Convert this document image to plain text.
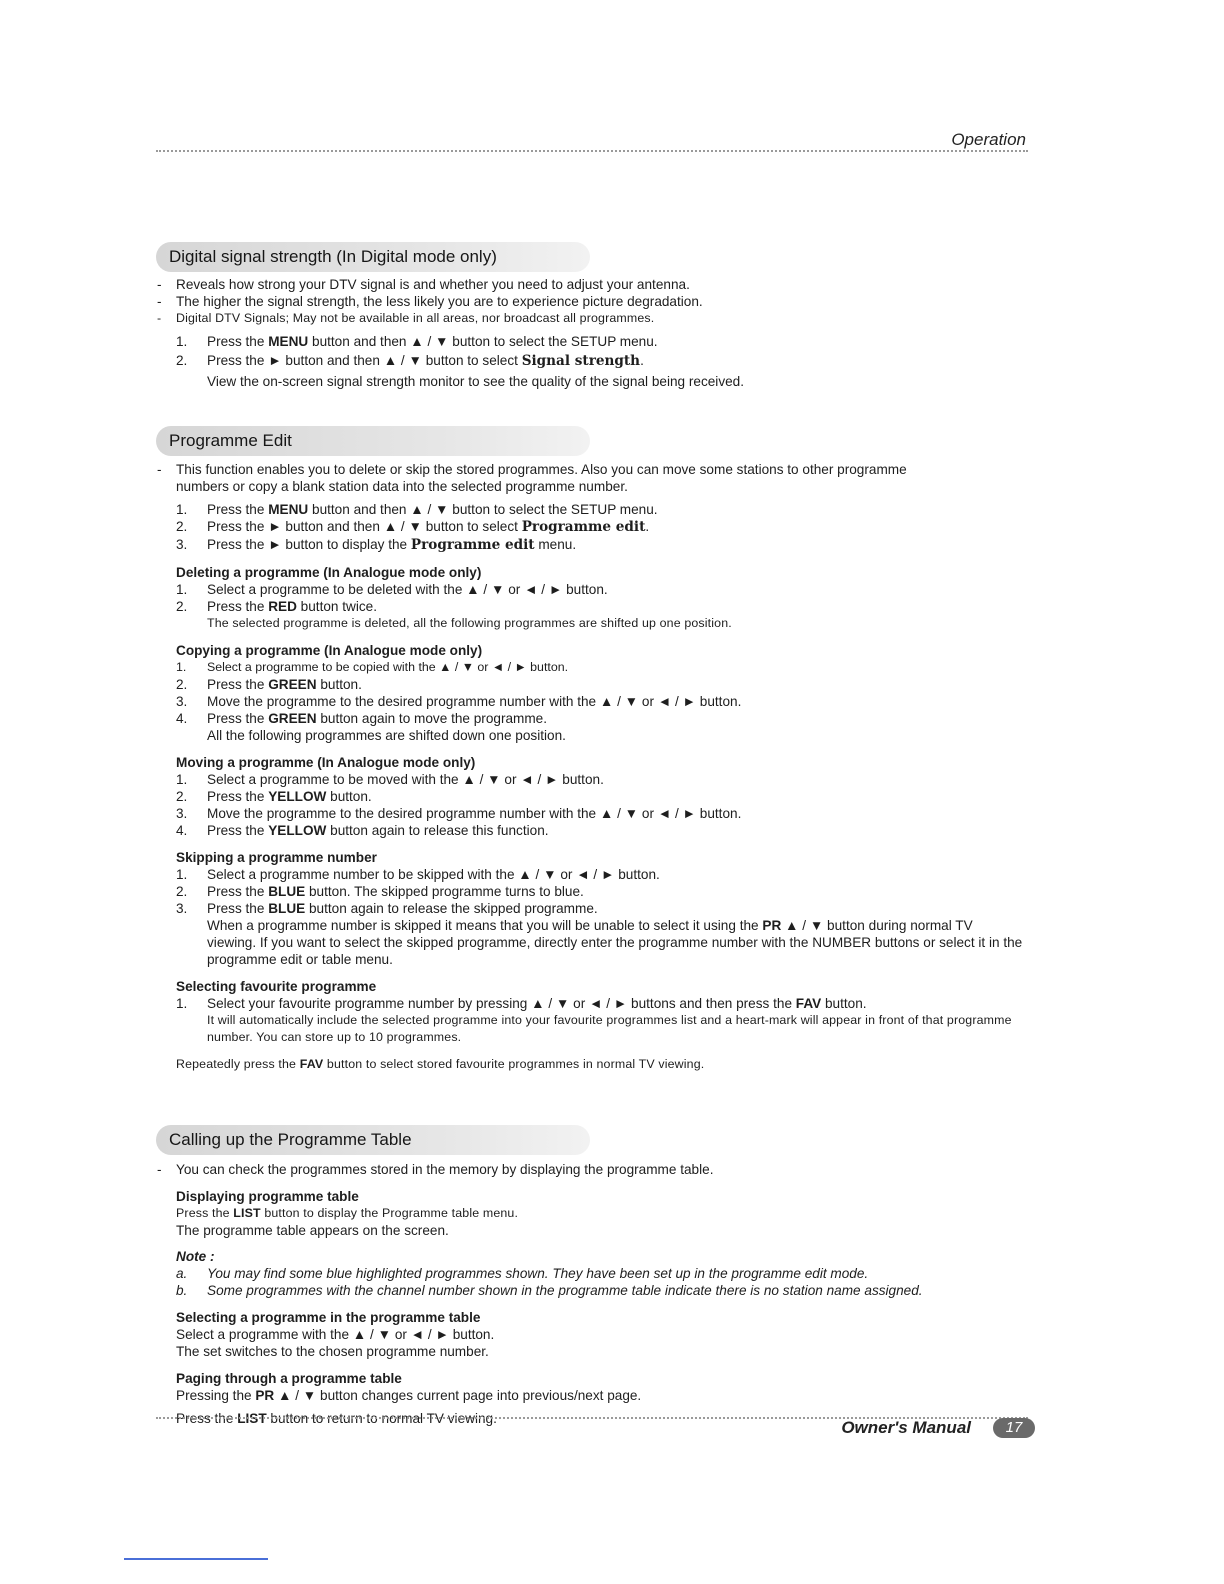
Operation
Digital signal strength (In Digital mode only)
- Reveals how strong your DTV signal is and whether you need to adjust your antenna.
- The higher the signal strength, the less likely you are to experience picture degradation.
- Digital DTV Signals; May not be available in all areas, nor broadcast all programmes.
1. Press the MENU button and then ▲ / ▼ button to select the SETUP menu.
2. Press the ► button and then ▲ / ▼ button to select Signal strength.
View the on-screen signal strength monitor to see the quality of the signal being received.
Programme Edit
- This function enables you to delete or skip the stored programmes. Also you can move some stations to other programme numbers or copy a blank station data into the selected programme number.
1. Press the MENU button and then ▲ / ▼ button to select the SETUP menu.
2. Press the ► button and then ▲ / ▼ button to select Programme edit.
3. Press the ► button to display the Programme edit menu.
Deleting a programme (In Analogue mode only)
1. Select a programme to be deleted with the ▲ / ▼ or ◄ / ► button.
2. Press the RED button twice.
The selected programme is deleted, all the following programmes are shifted up one position.
Copying a programme (In Analogue mode only)
1. Select a programme to be copied with the ▲ / ▼ or ◄ / ► button.
2. Press the GREEN button.
3. Move the programme to the desired programme number with the ▲ / ▼ or ◄ / ► button.
4. Press the GREEN button again to move the programme.
All the following programmes are shifted down one position.
Moving a programme (In Analogue mode only)
1. Select a programme to be moved with the ▲ / ▼ or ◄ / ► button.
2. Press the YELLOW button.
3. Move the programme to the desired programme number with the ▲ / ▼ or ◄ / ► button.
4. Press the YELLOW button again to release this function.
Skipping a programme number
1. Select a programme number to be skipped with the ▲ / ▼ or ◄ / ► button.
2. Press the BLUE button. The skipped programme turns to blue.
3. Press the BLUE button again to release the skipped programme.
When a programme number is skipped it means that you will be unable to select it using the PR ▲ / ▼ button during normal TV viewing. If you want to select the skipped programme, directly enter the programme number with the NUMBER buttons or select it in the programme edit or table menu.
Selecting favourite programme
1. Select your favourite programme number by pressing ▲ / ▼ or ◄ / ► buttons and then press the FAV button.
It will automatically include the selected programme into your favourite programmes list and a heart-mark will appear in front of that programme number. You can store up to 10 programmes.
Repeatedly press the FAV button to select stored favourite programmes in normal TV viewing.
Calling up the Programme Table
- You can check the programmes stored in the memory by displaying the programme table.
Displaying programme table
Press the LIST button to display the Programme table menu.
The programme table appears on the screen.
Note :
a. You may find some blue highlighted programmes shown. They have been set up in the programme edit mode.
b. Some programmes with the channel number shown in the programme table indicate there is no station name assigned.
Selecting a programme in the programme table
Select a programme with the ▲ / ▼ or ◄ / ► button.
The set switches to the chosen programme number.
Paging through a programme table
Pressing the PR ▲ / ▼ button changes current page into previous/next page.
Press the LIST button to return to normal TV viewing.	Owner's Manual	17
